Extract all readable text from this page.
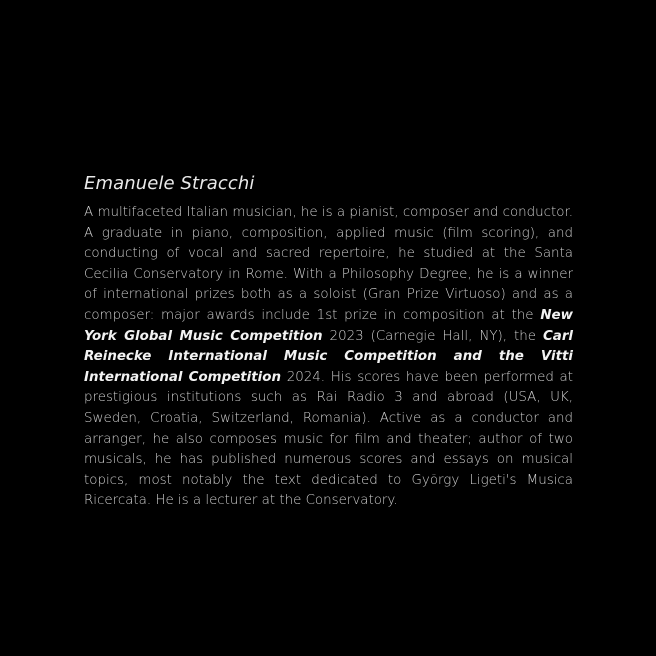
Emanuele Stracchi

A multifaceted Italian musician, he is a pianist, composer and conductor. A graduate in piano, composition, applied music (film scoring), and conducting of vocal and sacred repertoire, he studied at the Santa Cecilia Conservatory in Rome. With a Philosophy Degree, he is a winner of international prizes both as a soloist (Gran Prize Virtuoso) and as a composer: major awards include 1st prize in composition at the New York Global Music Competition 2023 (Carnegie Hall, NY), the Carl Reinecke International Music Competition and the Vitti International Competition 2024. His scores have been performed at prestigious institutions such as Rai Radio 3 and abroad (USA, UK, Sweden, Croatia, Switzerland, Romania). Active as a conductor and arranger, he also composes music for film and theater; author of two musicals, he has published numerous scores and essays on musical topics, most notably the text dedicated to György Ligeti's Musica Ricercata. He is a lecturer at the Conservatory.
